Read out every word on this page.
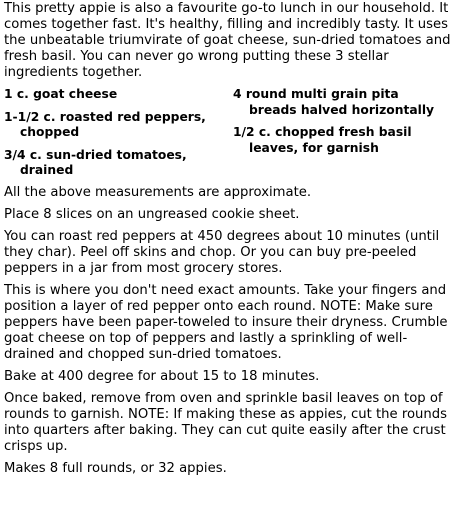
This pretty appie is also a favourite go-to lunch in our household. It comes together fast. It's healthy, filling and incredibly tasty. It uses the unbeatable triumvirate of goat cheese, sun-dried tomatoes and fresh basil. You can never go wrong putting these 3 stellar ingredients together.

1 c. goat cheese
1-1/2 c. roasted red peppers,
chopped
3/4 c. sun-dried tomatoes,
drained
4 round multi grain pita
breads halved horizontally
1/2 c. chopped fresh basil
leaves, for garnish

All the above measurements are approximate.

Place 8 slices on an ungreased cookie sheet.

You can roast red peppers at 450 degrees about 10 minutes (until they char). Peel off skins and chop. Or you can buy pre-peeled peppers in a jar from most grocery stores.

This is where you don't need exact amounts. Take your fingers and position a layer of red pepper onto each round. NOTE: Make sure peppers have been paper-toweled to insure their dryness. Crumble goat cheese on top of peppers and lastly a sprinkling of well-drained and chopped sun-dried tomatoes.

Bake at 400 degree for about 15 to 18 minutes.

Once baked, remove from oven and sprinkle basil leaves on top of rounds to garnish. NOTE: If making these as appies, cut the rounds into quarters after baking. They can cut quite easily after the crust crisps up.

Makes 8 full rounds, or 32 appies.
